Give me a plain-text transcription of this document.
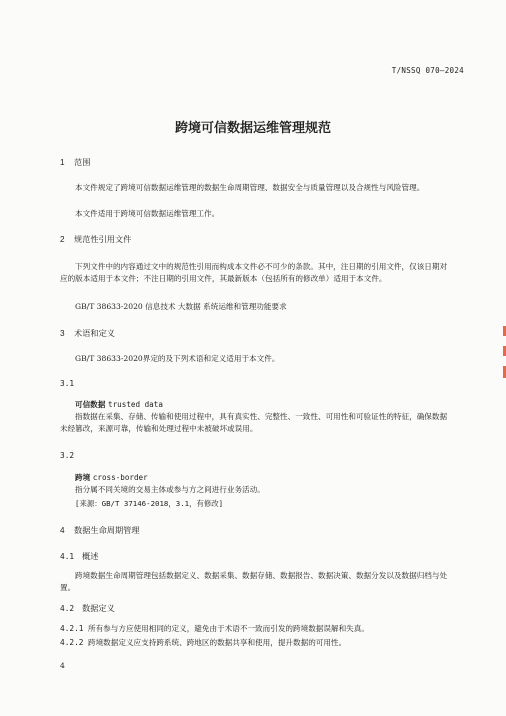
T/NSSQ 070—2024
跨境可信数据运维管理规范
1 范围
本文件规定了跨境可信数据运维管理的数据生命周期管理、数据安全与质量管理以及合规性与风险管理。
本文件适用于跨境可信数据运维管理工作。
2 规范性引用文件
下列文件中的内容通过文中的规范性引用而构成本文件必不可少的条款。其中，注日期的引用文件，仅该日期对应的版本适用于本文件；不注日期的引用文件，其最新版本（包括所有的修改单）适用于本文件。
GB/T 38633-2020 信息技术 大数据 系统运维和管理功能要求
3 术语和定义
GB/T 38633-2020界定的及下列术语和定义适用于本文件。
3.1
可信数据 trusted data
指数据在采集、存储、传输和使用过程中，具有真实性、完整性、一致性、可用性和可验证性的特征，确保数据未经篡改，来源可靠，传输和处理过程中未被破坏或误用。
3.2
跨境 cross-border
指分属不同关境的交易主体或参与方之间进行业务活动。
[来源：GB/T 37146-2018，3.1，有修改]
4 数据生命周期管理
4.1 概述
跨境数据生命周期管理包括数据定义、数据采集、数据存储、数据报告、数据决策、数据分发以及数据归档与处置。
4.2 数据定义
4.2.1 所有参与方应使用相同的定义，避免由于术语不一致而引发的跨境数据误解和失真。
4.2.2 跨境数据定义应支持跨系统、跨地区的数据共享和使用，提升数据的可用性。
4
